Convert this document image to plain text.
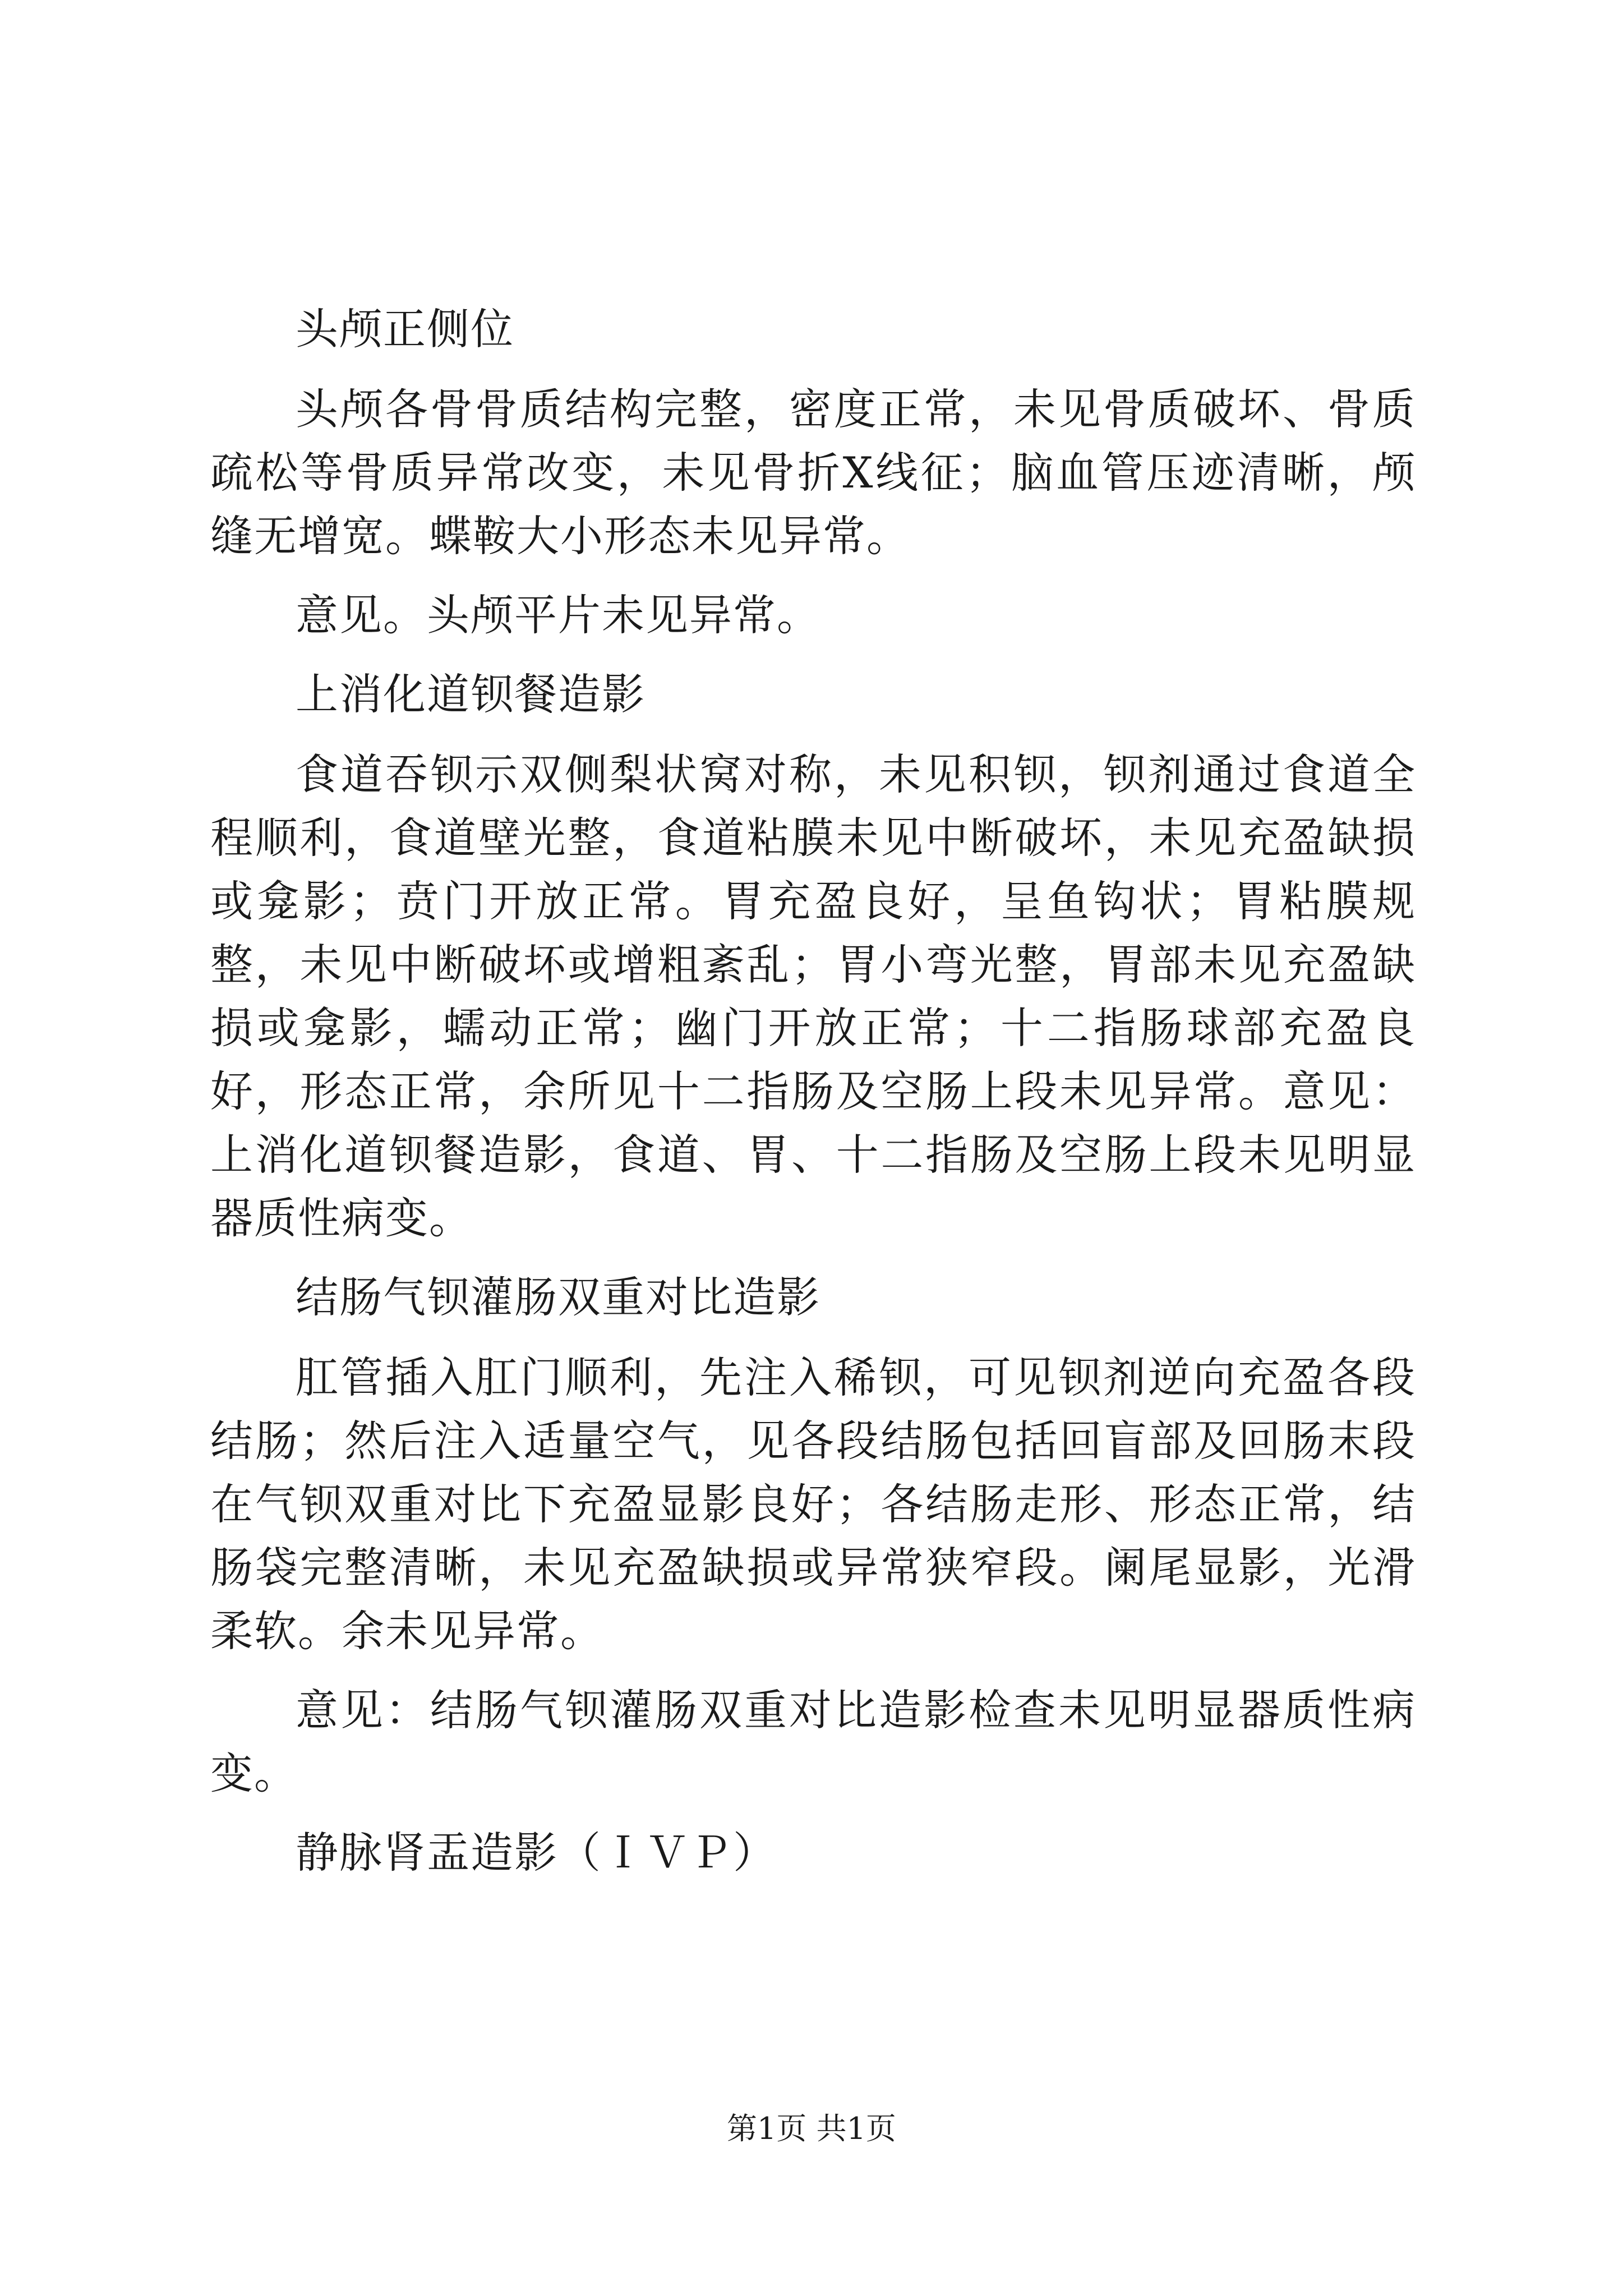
头颅正侧位

头颅各骨骨质结构完整，密度正常，未见骨质破坏、骨质疏松等骨质异常改变，未见骨折X线征；脑血管压迹清晰，颅缝无增宽。蝶鞍大小形态未见异常。

意见。头颅平片未见异常。

上消化道钡餐造影

食道吞钡示双侧梨状窝对称，未见积钡，钡剂通过食道全程顺利，食道壁光整，食道粘膜未见中断破坏，未见充盈缺损或龛影；贲门开放正常。胃充盈良好，呈鱼钩状；胃粘膜规整，未见中断破坏或增粗紊乱；胃小弯光整，胃部未见充盈缺损或龛影，蠕动正常；幽门开放正常；十二指肠球部充盈良好，形态正常，余所见十二指肠及空肠上段未见异常。意见：上消化道钡餐造影，食道、胃、十二指肠及空肠上段未见明显器质性病变。

结肠气钡灌肠双重对比造影

肛管插入肛门顺利，先注入稀钡，可见钡剂逆向充盈各段结肠；然后注入适量空气，见各段结肠包括回盲部及回肠末段在气钡双重对比下充盈显影良好；各结肠走形、形态正常，结肠袋完整清晰，未见充盈缺损或异常狭窄段。阑尾显影，光滑柔软。余未见异常。

意见：结肠气钡灌肠双重对比造影检查未见明显器质性病变。

静脉肾盂造影（ＩＶＰ）

第1页 共1页
